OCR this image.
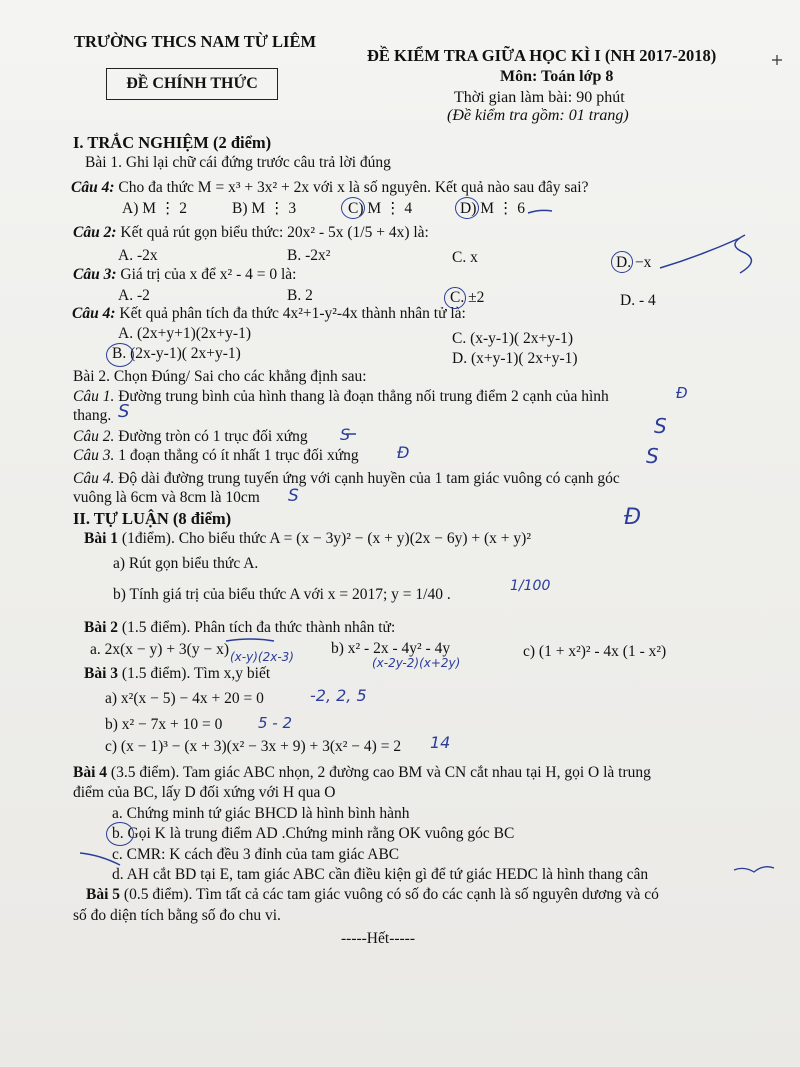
TRƯỜNG THCS NAM TỪ LIÊM
ĐỀ KIỂM TRA GIỮA HỌC KÌ I (NH 2017-2018)
ĐỀ CHÍNH THỨC	Môn: Toán lớp 8
Thời gian làm bài: 90 phút
(Đề kiểm tra gồm: 01 trang)
I. TRẮC NGHIỆM (2 điểm)
Bài 1. Ghi lại chữ cái đứng trước câu trả lời đúng
Câu 4: Cho đa thức M = x³ + 3x² + 2x với x là số nguyên. Kết quả nào sau đây sai?
A) M ⋮ 2	B) M ⋮ 3	C) M ⋮ 4	D) M ⋮ 6
Câu 2: Kết quả rút gọn biểu thức: 20x² - 5x (1/5 + 4x) là:
A. -2x	B. -2x²	C. x	D. −x
Câu 3: Giá trị của x để x² - 4 = 0 là:
A. -2	B. 2	C. ±2	D. - 4
Câu 4: Kết quả phân tích đa thức 4x²+1-y²-4x thành nhân tử là:
A. (2x+y+1)(2x+y-1)	C. (x-y-1)( 2x+y-1)
B. (2x-y-1)( 2x+y-1)	D. (x+y-1)( 2x+y-1)
Bài 2. Chọn Đúng/ Sai cho các khẳng định sau:
Câu 1. Đường trung bình của hình thang là đoạn thẳng nối trung điểm 2 cạnh của hình
thang.
Câu 2. Đường tròn có 1 trục đối xứng
Câu 3. 1 đoạn thẳng có ít nhất 1 trục đối xứng
Câu 4. Độ dài đường trung tuyến ứng với cạnh huyền của 1 tam giác vuông có cạnh góc
vuông là 6cm và 8cm là 10cm
II. TỰ LUẬN (8 điểm)
Bài 1 (1điểm). Cho biểu thức A = (x − 3y)² − (x + y)(2x − 6y) + (x + y)²
a) Rút gọn biểu thức A.
b) Tính giá trị của biểu thức A với x = 2017; y = 1/40 .
Bài 2 (1.5 điểm). Phân tích đa thức thành nhân tử:
a. 2x(x − y) + 3(y − x)	b) x² - 2x - 4y² - 4y	c) (1 + x²)² - 4x (1 - x²)
Bài 3 (1.5 điểm). Tìm x,y biết
a) x²(x − 5) − 4x + 20 = 0
b) x² − 7x + 10 = 0
c) (x − 1)³ − (x + 3)(x² − 3x + 9) + 3(x² − 4) = 2
Bài 4 (3.5 điểm). Tam giác ABC nhọn, 2 đường cao BM và CN cắt nhau tại H, gọi O là trung
điểm của BC, lấy D đối xứng với H qua O
a. Chứng minh tứ giác BHCD là hình bình hành
b. Gọi K là trung điểm AD .Chứng minh rằng OK vuông góc BC
c. CMR: K cách đều 3 đỉnh của tam giác ABC
d. AH cắt BD tại E, tam giác ABC cần điều kiện gì để tứ giác HEDC là hình thang cân
Bài 5 (0.5 điểm). Tìm tất cả các tam giác vuông có số đo các cạnh là số nguyên dương và có
số đo diện tích bằng số đo chu vi.
-----Hết-----
S
S
Đ
S
1/100
(x-y)(2x-3)	(x-2y-2)(x+2y)
-2, 2, 5
5 - 2
14
Đ
S
S
Đ
